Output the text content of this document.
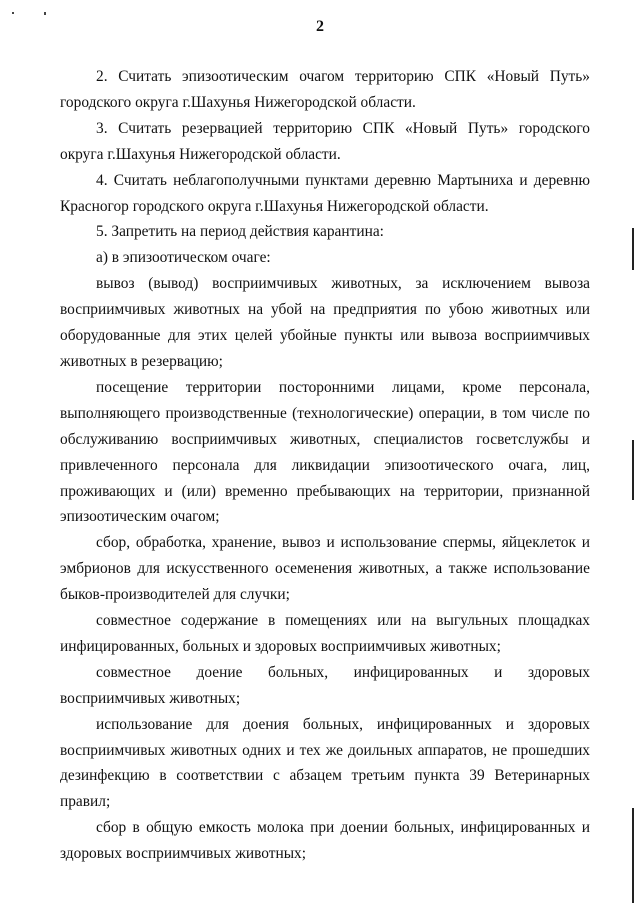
2

2. Считать эпизоотическим очагом территорию СПК «Новый Путь» городского округа г.Шахунья Нижегородской области.

3. Считать резервацией территорию СПК «Новый Путь» городского округа г.Шахунья Нижегородской области.

4. Считать неблагополучными пунктами деревню Мартыниха и деревню Красногор городского округа г.Шахунья Нижегородской области.

5. Запретить на период действия карантина:

а) в эпизоотическом очаге:

вывоз (вывод) восприимчивых животных, за исключением вывоза восприимчивых животных на убой на предприятия по убою животных или оборудованные для этих целей убойные пункты или вывоза восприимчивых животных в резервацию;

посещение территории посторонними лицами, кроме персонала, выполняющего производственные (технологические) операции, в том числе по обслуживанию восприимчивых животных, специалистов госветслужбы и привлеченного персонала для ликвидации эпизоотического очага, лиц, проживающих и (или) временно пребывающих на территории, признанной эпизоотическим очагом;

сбор, обработка, хранение, вывоз и использование спермы, яйцеклеток и эмбрионов для искусственного осеменения животных, а также использование быков-производителей для случки;

совместное содержание в помещениях или на выгульных площадках инфицированных, больных и здоровых восприимчивых животных;

совместное доение больных, инфицированных и здоровых восприимчивых животных;

использование для доения больных, инфицированных и здоровых восприимчивых животных одних и тех же доильных аппаратов, не прошедших дезинфекцию в соответствии с абзацем третьим пункта 39 Ветеринарных правил;

сбор в общую емкость молока при доении больных, инфицированных и здоровых восприимчивых животных;
